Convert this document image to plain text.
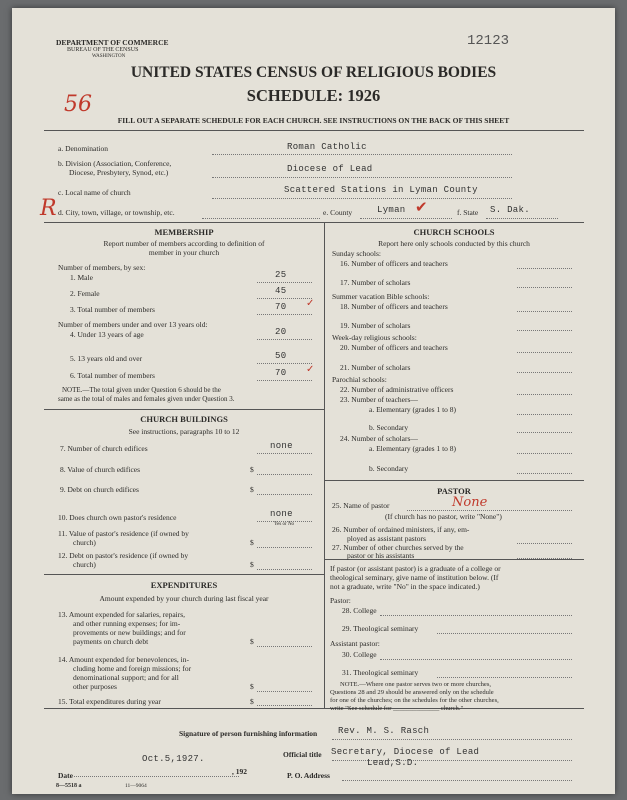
DEPARTMENT OF COMMERCE
BUREAU OF THE CENSUS
WASHINGTON
12123
UNITED STATES CENSUS OF RELIGIOUS BODIES
SCHEDULE: 1926
56
FILL OUT A SEPARATE SCHEDULE FOR EACH CHURCH. SEE INSTRUCTIONS ON THE BACK OF THIS SHEET
a. Denomination	Roman Catholic
b. Division (Association, Conference,
Diocese, Presbytery, Synod, etc.)	Diocese of Lead
c. Local name of church	Scattered Stations in Lyman County
R d. City, town, village, or township, etc.	e. County	Lyman ✔	f. State S. Dak.
MEMBERSHIP
Report number of members according to definition of
member in your church
Number of members, by sex:
1. Male	25
2. Female	45
3. Total number of members	70 ✓
Number of members under and over 13 years old:
4. Under 13 years of age	20
5. 13 years old and over	50
6. Total number of members	70 ✓
NOTE.—The total given under Question 6 should be the
same as the total of males and females given under Question 3.
CHURCH BUILDINGS
See instructions, paragraphs 10 to 12
7. Number of church edifices	none
8. Value of church edifices	$
9. Debt on church edifices	$
10. Does church own pastor's residence	none
Yes or No
11. Value of pastor's residence (if owned by
church)	$
12. Debt on pastor's residence (if owned by
church)	$
EXPENDITURES
Amount expended by your church during last fiscal year
13. Amount expended for salaries, repairs,
and other running expenses; for im-
provements or new buildings; and for
payments on church debt	$
14. Amount expended for benevolences, in-
cluding home and foreign missions; for
denominational support; and for all
other purposes	$
15. Total expenditures during year	$
CHURCH SCHOOLS
Report here only schools conducted by this church
Sunday schools:
16. Number of officers and teachers
17. Number of scholars
Summer vacation Bible schools:
18. Number of officers and teachers
19. Number of scholars
Week-day religious schools:
20. Number of officers and teachers
21. Number of scholars
Parochial schools:
22. Number of administrative officers
23. Number of teachers—
a. Elementary (grades 1 to 8)
b. Secondary
24. Number of scholars—
a. Elementary (grades 1 to 8)
b. Secondary
PASTOR
25. Name of pastor	None
(If church has no pastor, write "None")
26. Number of ordained ministers, if any, em-
ployed as assistant pastors
27. Number of other churches served by the
pastor or his assistants
If pastor (or assistant pastor) is a graduate of a college or
theological seminary, give name of institution below. (If
not a graduate, write "No" in the space indicated.)
Pastor:
28. College
29. Theological seminary
Assistant pastor:
30. College
31. Theological seminary
NOTE.—Where one pastor serves two or more churches,
Questions 28 and 29 should be answered only on the schedule
for one of the churches; on the schedules for the other churches,
write "See schedule for ______________ church."
Signature of person furnishing information Rev. M. S. Rasch
Official title Secretary, Diocese of Lead
Oct.5,1927.
, 192
Date	P. O. Address
Lead,S.D.
8—5518 a	11—9064
